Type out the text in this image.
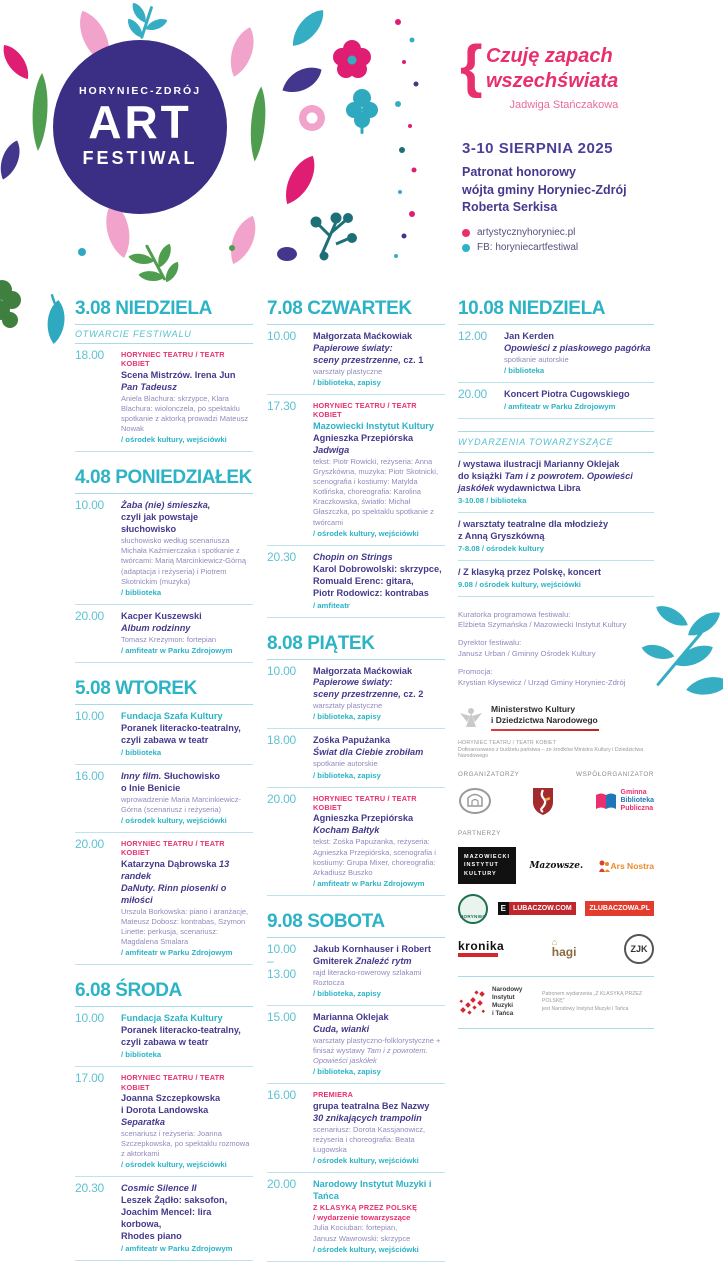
HORYNIEC-ZDRÓJ
ART
FESTIWAL
{ Czuję zapach
wszechświata
Jadwiga Stańczakowa
3-10 SIERPNIA 2025
Patronat honorowy
wójta gminy Horyniec-Zdrój
Roberta Serkisa
artystycznyhoryniec.pl
FB: horyniecartfestiwal
3.08 NIEDZIELA
OTWARCIE FESTIWALU
18.00	HORYNIEC TEATRU / TEATR KOBIET
Scena Mistrzów. Irena Jun
Pan Tadeusz
Aniela Blachura: skrzypce, Klara Blachura: wiolonczela, po spektaklu spotkanie z aktorką prowadzi Mateusz Nowak
/ ośrodek kultury, wejściówki
4.08 PONIEDZIAŁEK
10.00	Żaba (nie) śmieszka,
czyli jak powstaje słuchowisko
słuchowisko według scenariusza Michała Kaźmierczaka i spotkanie z twórcami: Marią Marcinkiewicz-Górną (adaptacja i reżyseria) i Piotrem Skotnickim (muzyka)
/ biblioteka
20.00	Kacper Kuszewski
Album rodzinny
Tomasz Krezymon: fortepian
/ amfiteatr w Parku Zdrojowym
5.08 WTOREK
10.00	Fundacja Szafa Kultury
Poranek literacko-teatralny,
czyli zabawa w teatr
/ biblioteka
16.00	Inny film. Słuchowisko
o Inie Benicie
wprowadzenie Maria Marcinkiewicz-Górna (scenariusz i reżyseria)
/ ośrodek kultury, wejściówki
20.00	HORYNIEC TEATRU / TEATR KOBIET
Katarzyna Dąbrowska 13 randek
DaNuty. Rinn piosenki o miłości
Urszula Borkowska: piano i aranżacje, Mateusz Dobosz: kontrabas, Szymon Linette: perkusja, scenariusz: Magdalena Smalara
/ amfiteatr w Parku Zdrojowym
6.08 ŚRODA
10.00	Fundacja Szafa Kultury
Poranek literacko-teatralny,
czyli zabawa w teatr
/ biblioteka
17.00	HORYNIEC TEATRU / TEATR KOBIET
Joanna Szczepkowska
i Dorota Landowska Separatka
scenariusz i reżyseria: Joanna Szczepkowska, po spektaklu rozmowa z aktorkami
/ ośrodek kultury, wejściówki
20.30	Cosmic Silence II
Leszek Żądło: saksofon,
Joachim Mencel: lira korbowa,
Rhodes piano
/ amfiteatr w Parku Zdrojowym
7.08 CZWARTEK
10.00	Małgorzata Maćkowiak
Papierowe światy:
sceny przestrzenne, cz. 1
warsztaty plastyczne
/ biblioteka, zapisy
17.30	HORYNIEC TEATRU / TEATR KOBIET
Mazowiecki Instytut Kultury
Agnieszka Przepiórska Jadwiga
tekst: Piotr Rowicki, reżyseria: Anna Gryszkówna, muzyka: Piotr Skotnicki, scenografia i kostiumy: Matylda Kotlińska, choreografia: Karolina Kraczkowska, światło: Michał Głaszczka, po spektaklu spotkanie z twórcami
/ ośrodek kultury, wejściówki
20.30	Chopin on Strings
Karol Dobrowolski: skrzypce,
Romuald Erenc: gitara,
Piotr Rodowicz: kontrabas
/ amfiteatr
8.08 PIĄTEK
10.00	Małgorzata Maćkowiak
Papierowe światy:
sceny przestrzenne, cz. 2
warsztaty plastyczne
/ biblioteka, zapisy
18.00	Zośka Papużanka
Świat dla Ciebie zrobiłam
spotkanie autorskie
/ biblioteka, zapisy
20.00	HORYNIEC TEATRU / TEATR KOBIET
Agnieszka Przepiórska
Kocham Bałtyk
tekst: Zośka Papużanka, reżyseria: Agnieszka Przepiórska, scenografia i kostiumy: Grupa Mixer, choreografia: Arkadiusz Buszko
/ amfiteatr w Parku Zdrojowym
9.08 SOBOTA
10.00
–
13.00
Jakub Kornhauser i Robert
Gmiterek Znaleźć rytm
rajd literacko-rowerowy szlakami Roztocza
/ biblioteka, zapisy
15.00	Marianna Oklejak
Cuda, wianki
warsztaty plastyczno-folklorystyczne + finisaż wystawy Tam i z powrotem. Opowieści jaskółek
/ biblioteka, zapisy
16.00	PREMIERA
grupa teatralna Bez Nazwy
30 znikających trampolin
scenariusz: Dorota Kassjanowicz, reżyseria i choreografia: Beata Ługowska
/ ośrodek kultury, wejściówki
20.00	Narodowy Instytut Muzyki i Tańca
Z KLASYKĄ PRZEZ POLSKĘ
/ wydarzenie towarzyszące
Julia Kociuban: fortepian,
Janusz Wawrowski: skrzypce
/ ośrodek kultury, wejściówki
10.08 NIEDZIELA
12.00	Jan Kerden
Opowieści z piaskowego pagórka
spotkanie autorskie
/ biblioteka
20.00	Koncert Piotra Cugowskiego
/ amfiteatr w Parku Zdrojowym
WYDARZENIA TOWARZYSZĄCE
/ wystawa ilustracji Marianny Oklejak
do książki Tam i z powrotem. Opowieści
jaskółek wydawnictwa Libra
3-10.08 / biblioteka
/ warsztaty teatralne dla młodzieży
z Anną Gryszkówną
7-8.08 / ośrodek kultury
/ Z klasyką przez Polskę, koncert
9.08 / ośrodek kultury, wejściówki
Kuratorka programowa festiwalu:
Elżbieta Szymańska / Mazowiecki Instytut Kultury
Dyrektor festiwalu:
Janusz Urban / Gminny Ośrodek Kultury
Promocja:
Krystian Kłysewicz / Urząd Gminy Horyniec-Zdrój
Ministerstwo Kultury
i Dziedzictwa Narodowego
HORYNIEC TEATRU / TEATR KOBIET
Dofinansowano z budżetu państwa – ze środków Ministra Kultury i Dziedzictwa Narodowego
ORGANIZATORZY	WSPÓŁORGANIZATOR
Gminna
Biblioteka
Publiczna
PARTNERZY
MAZOWIECKI
INSTYTUT
KULTURY
Mazowsze.	Ars Nostra
HORYNIEC
E	LUBACZOW.COM	ZLUBACZOWA.PL
kronika	⌂
hagi	ZJK
Narodowy
Instytut
Muzyki
i Tańca
Patronem wydarzenia „Z KLASYKĄ PRZEZ POLSKĘ”
jest Narodowy Instytut Muzyki i Tańca
